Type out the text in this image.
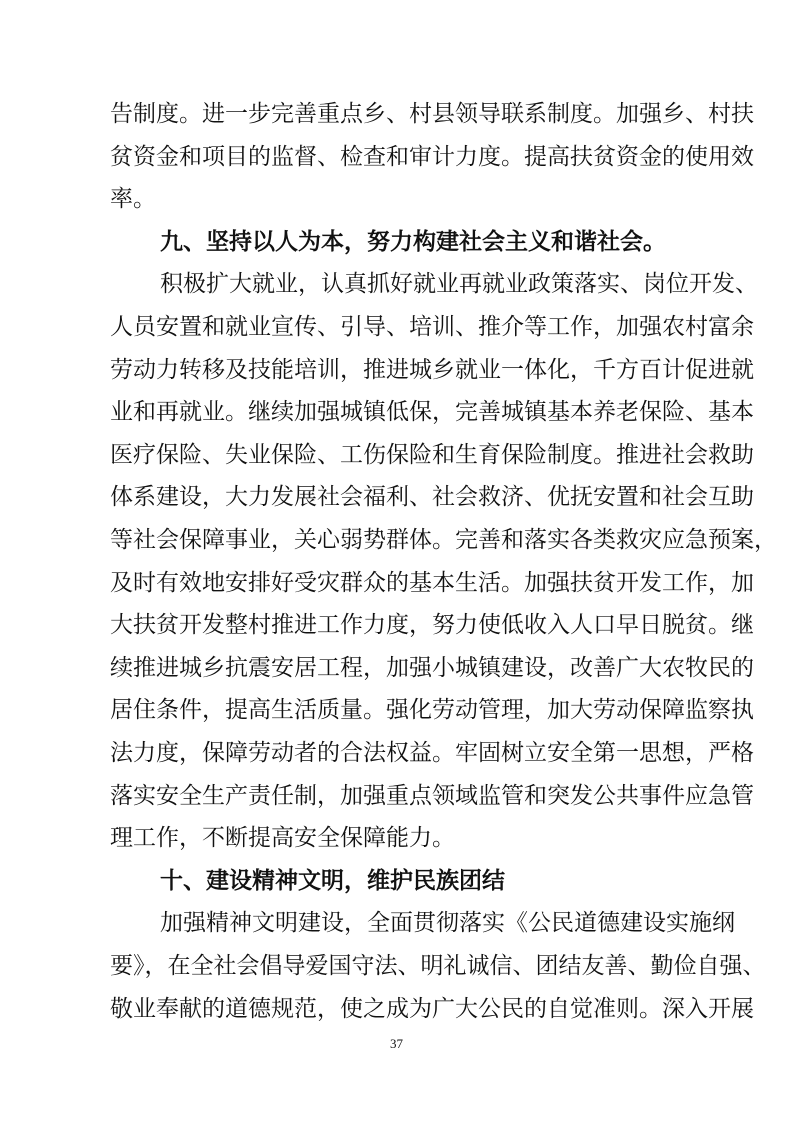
告制度。进一步完善重点乡、村县领导联系制度。加强乡、村扶
贫资金和项目的监督、检查和审计力度。提高扶贫资金的使用效
率。
九、坚持以人为本，努力构建社会主义和谐社会。
积极扩大就业，认真抓好就业再就业政策落实、岗位开发、
人员安置和就业宣传、引导、培训、推介等工作，加强农村富余
劳动力转移及技能培训，推进城乡就业一体化，千方百计促进就
业和再就业。继续加强城镇低保，完善城镇基本养老保险、基本
医疗保险、失业保险、工伤保险和生育保险制度。推进社会救助
体系建设，大力发展社会福利、社会救济、优抚安置和社会互助
等社会保障事业，关心弱势群体。完善和落实各类救灾应急预案，
及时有效地安排好受灾群众的基本生活。加强扶贫开发工作，加
大扶贫开发整村推进工作力度，努力使低收入人口早日脱贫。继
续推进城乡抗震安居工程，加强小城镇建设，改善广大农牧民的
居住条件，提高生活质量。强化劳动管理，加大劳动保障监察执
法力度，保障劳动者的合法权益。牢固树立安全第一思想，严格
落实安全生产责任制，加强重点领域监管和突发公共事件应急管
理工作，不断提高安全保障能力。
十、建设精神文明，维护民族团结
加强精神文明建设，全面贯彻落实《公民道德建设实施纲
要》，在全社会倡导爱国守法、明礼诚信、团结友善、勤俭自强、
敬业奉献的道德规范，使之成为广大公民的自觉准则。深入开展
37
